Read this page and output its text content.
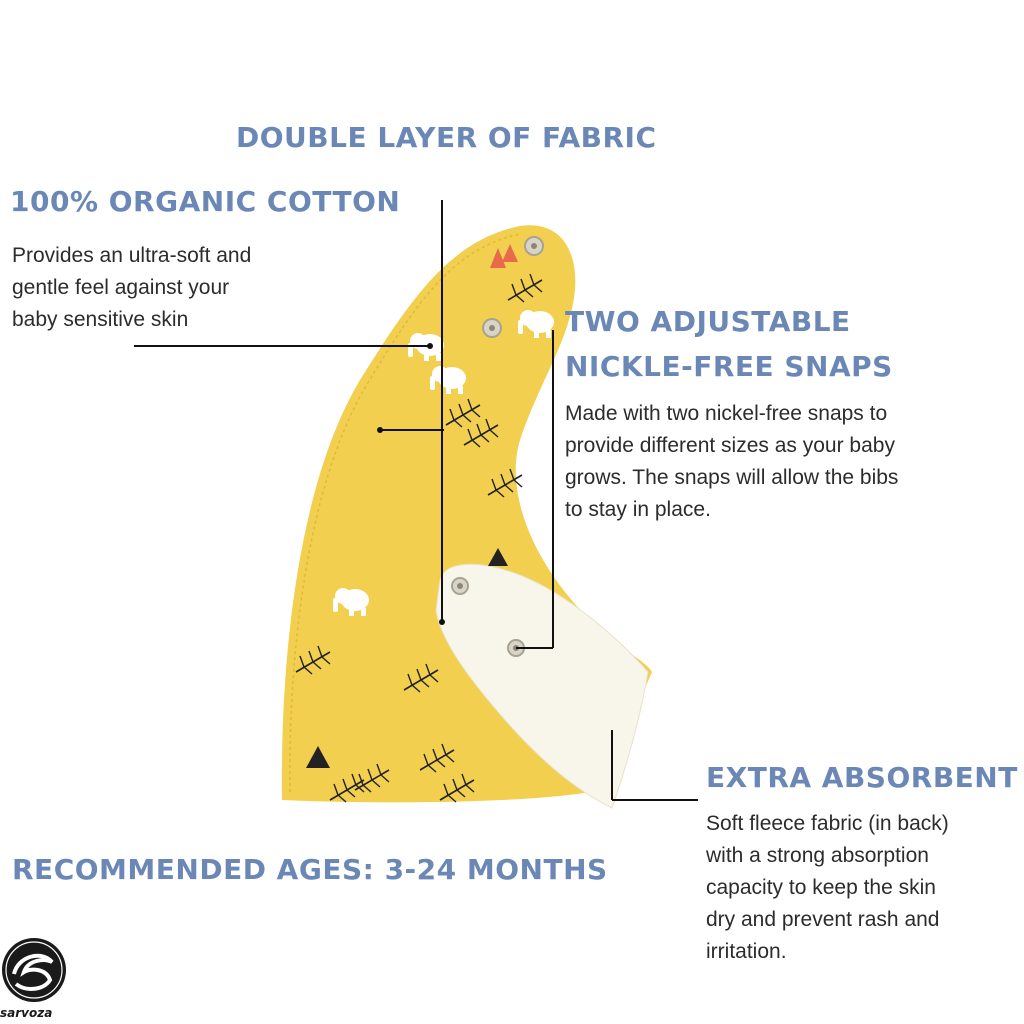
DOUBLE LAYER OF FABRIC
100% ORGANIC COTTON
TWO ADJUSTABLE
NICKLE-FREE SNAPS
EXTRA ABSORBENT
RECOMMENDED AGES: 3-24 MONTHS

Provides an ultra-soft and
gentle feel against your
baby sensitive skin

Made with two nickel-free snaps to
provide different sizes as your baby
grows. The snaps will allow the bibs
to stay in place.

Soft fleece fabric (in back)
with a strong absorption
capacity to keep the skin
dry and prevent rash and
irritation.

sarvoza
